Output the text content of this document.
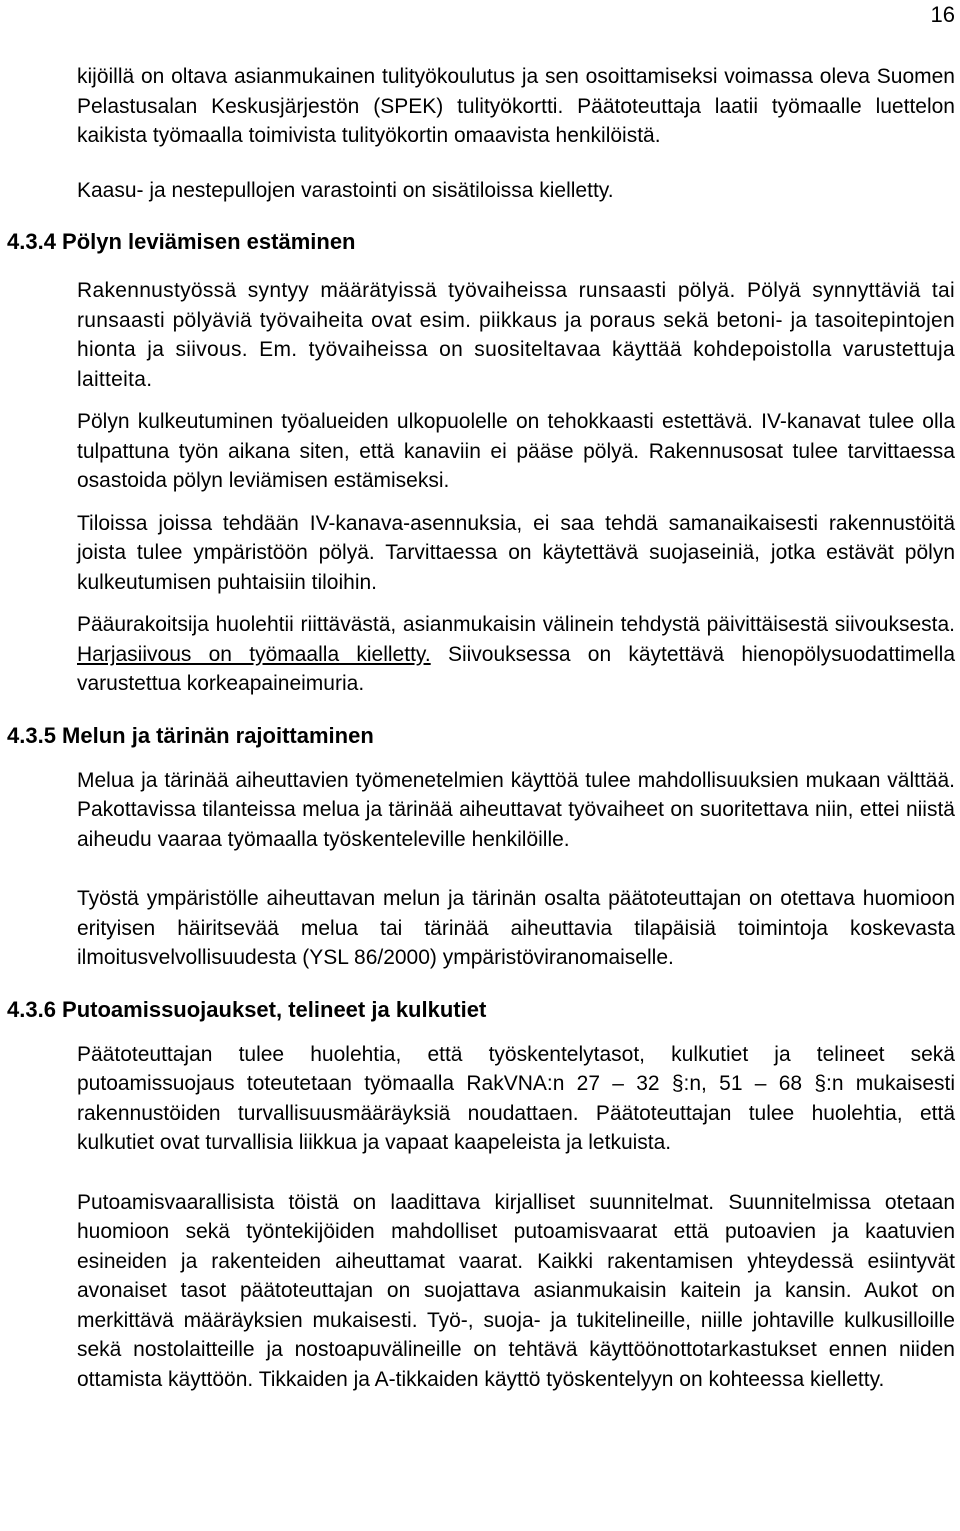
16

kijöillä on oltava asianmukainen tulityökoulutus ja sen osoittamiseksi voimassa oleva Suomen Pelastusalan Keskusjärjestön (SPEK) tulityökortti. Päätoteuttaja laatii työmaalle luettelon kaikista työmaalla toimivista tulityökortin omaavista henkilöistä.

Kaasu- ja nestepullojen varastointi on sisätiloissa kielletty.

4.3.4 Pölyn leviämisen estäminen

Rakennustyössä syntyy määrätyissä työvaiheissa runsaasti pölyä. Pölyä synnyttäviä tai runsaasti pölyäviä työvaiheita ovat esim. piikkaus ja poraus sekä betoni- ja tasoitepintojen hionta ja siivous. Em. työvaiheissa on suositeltavaa käyttää kohdepoistolla varustettuja laitteita.

Pölyn kulkeutuminen työalueiden ulkopuolelle on tehokkaasti estettävä. IV-kanavat tulee olla tulpattuna työn aikana siten, että kanaviin ei pääse pölyä. Rakennusosat tulee tarvittaessa osastoida pölyn leviämisen estämiseksi.

Tiloissa joissa tehdään IV-kanava-asennuksia, ei saa tehdä samanaikaisesti rakennustöitä joista tulee ympäristöön pölyä. Tarvittaessa on käytettävä suojaseiniä, jotka estävät pölyn kulkeutumisen puhtaisiin tiloihin.

Pääurakoitsija huolehtii riittävästä, asianmukaisin välinein tehdystä päivittäisestä siivouksesta. Harjasiivous on työmaalla kielletty. Siivouksessa on käytettävä hienopölysuodattimella varustettua korkeapaineimuria.

4.3.5 Melun ja tärinän rajoittaminen

Melua ja tärinää aiheuttavien työmenetelmien käyttöä tulee mahdollisuuksien mukaan välttää. Pakottavissa tilanteissa melua ja tärinää aiheuttavat työvaiheet on suoritettava niin, ettei niistä aiheudu vaaraa työmaalla työskenteleville henkilöille.

Työstä ympäristölle aiheuttavan melun ja tärinän osalta päätoteuttajan on otettava huomioon erityisen häiritsevää melua tai tärinää aiheuttavia tilapäisiä toimintoja koskevasta ilmoitusvelvollisuudesta (YSL 86/2000) ympäristöviranomaiselle.

4.3.6 Putoamissuojaukset, telineet ja kulkutiet

Päätoteuttajan tulee huolehtia, että työskentelytasot, kulkutiet ja telineet sekä putoamissuojaus toteutetaan työmaalla RakVNA:n 27 – 32 §:n, 51 – 68 §:n mukaisesti rakennustöiden turvallisuusmääräyksiä noudattaen. Päätoteuttajan tulee huolehtia, että kulkutiet ovat turvallisia liikkua ja vapaat kaapeleista ja letkuista.

Putoamisvaarallisista töistä on laadittava kirjalliset suunnitelmat. Suunnitelmissa otetaan huomioon sekä työntekijöiden mahdolliset putoamisvaarat että putoavien ja kaatuvien esineiden ja rakenteiden aiheuttamat vaarat. Kaikki rakentamisen yhteydessä esiintyvät avonaiset tasot päätoteuttajan on suojattava asianmukaisin kaitein ja kansin. Aukot on merkittävä määräyksien mukaisesti. Työ-, suoja- ja tukitelineille, niille johtaville kulkusilloille sekä nostolaitteille ja nostoapuvälineille on tehtävä käyttöönottotarkastukset ennen niiden ottamista käyttöön. Tikkaiden ja A-tikkaiden käyttö työskentelyyn on kohteessa kielletty.
